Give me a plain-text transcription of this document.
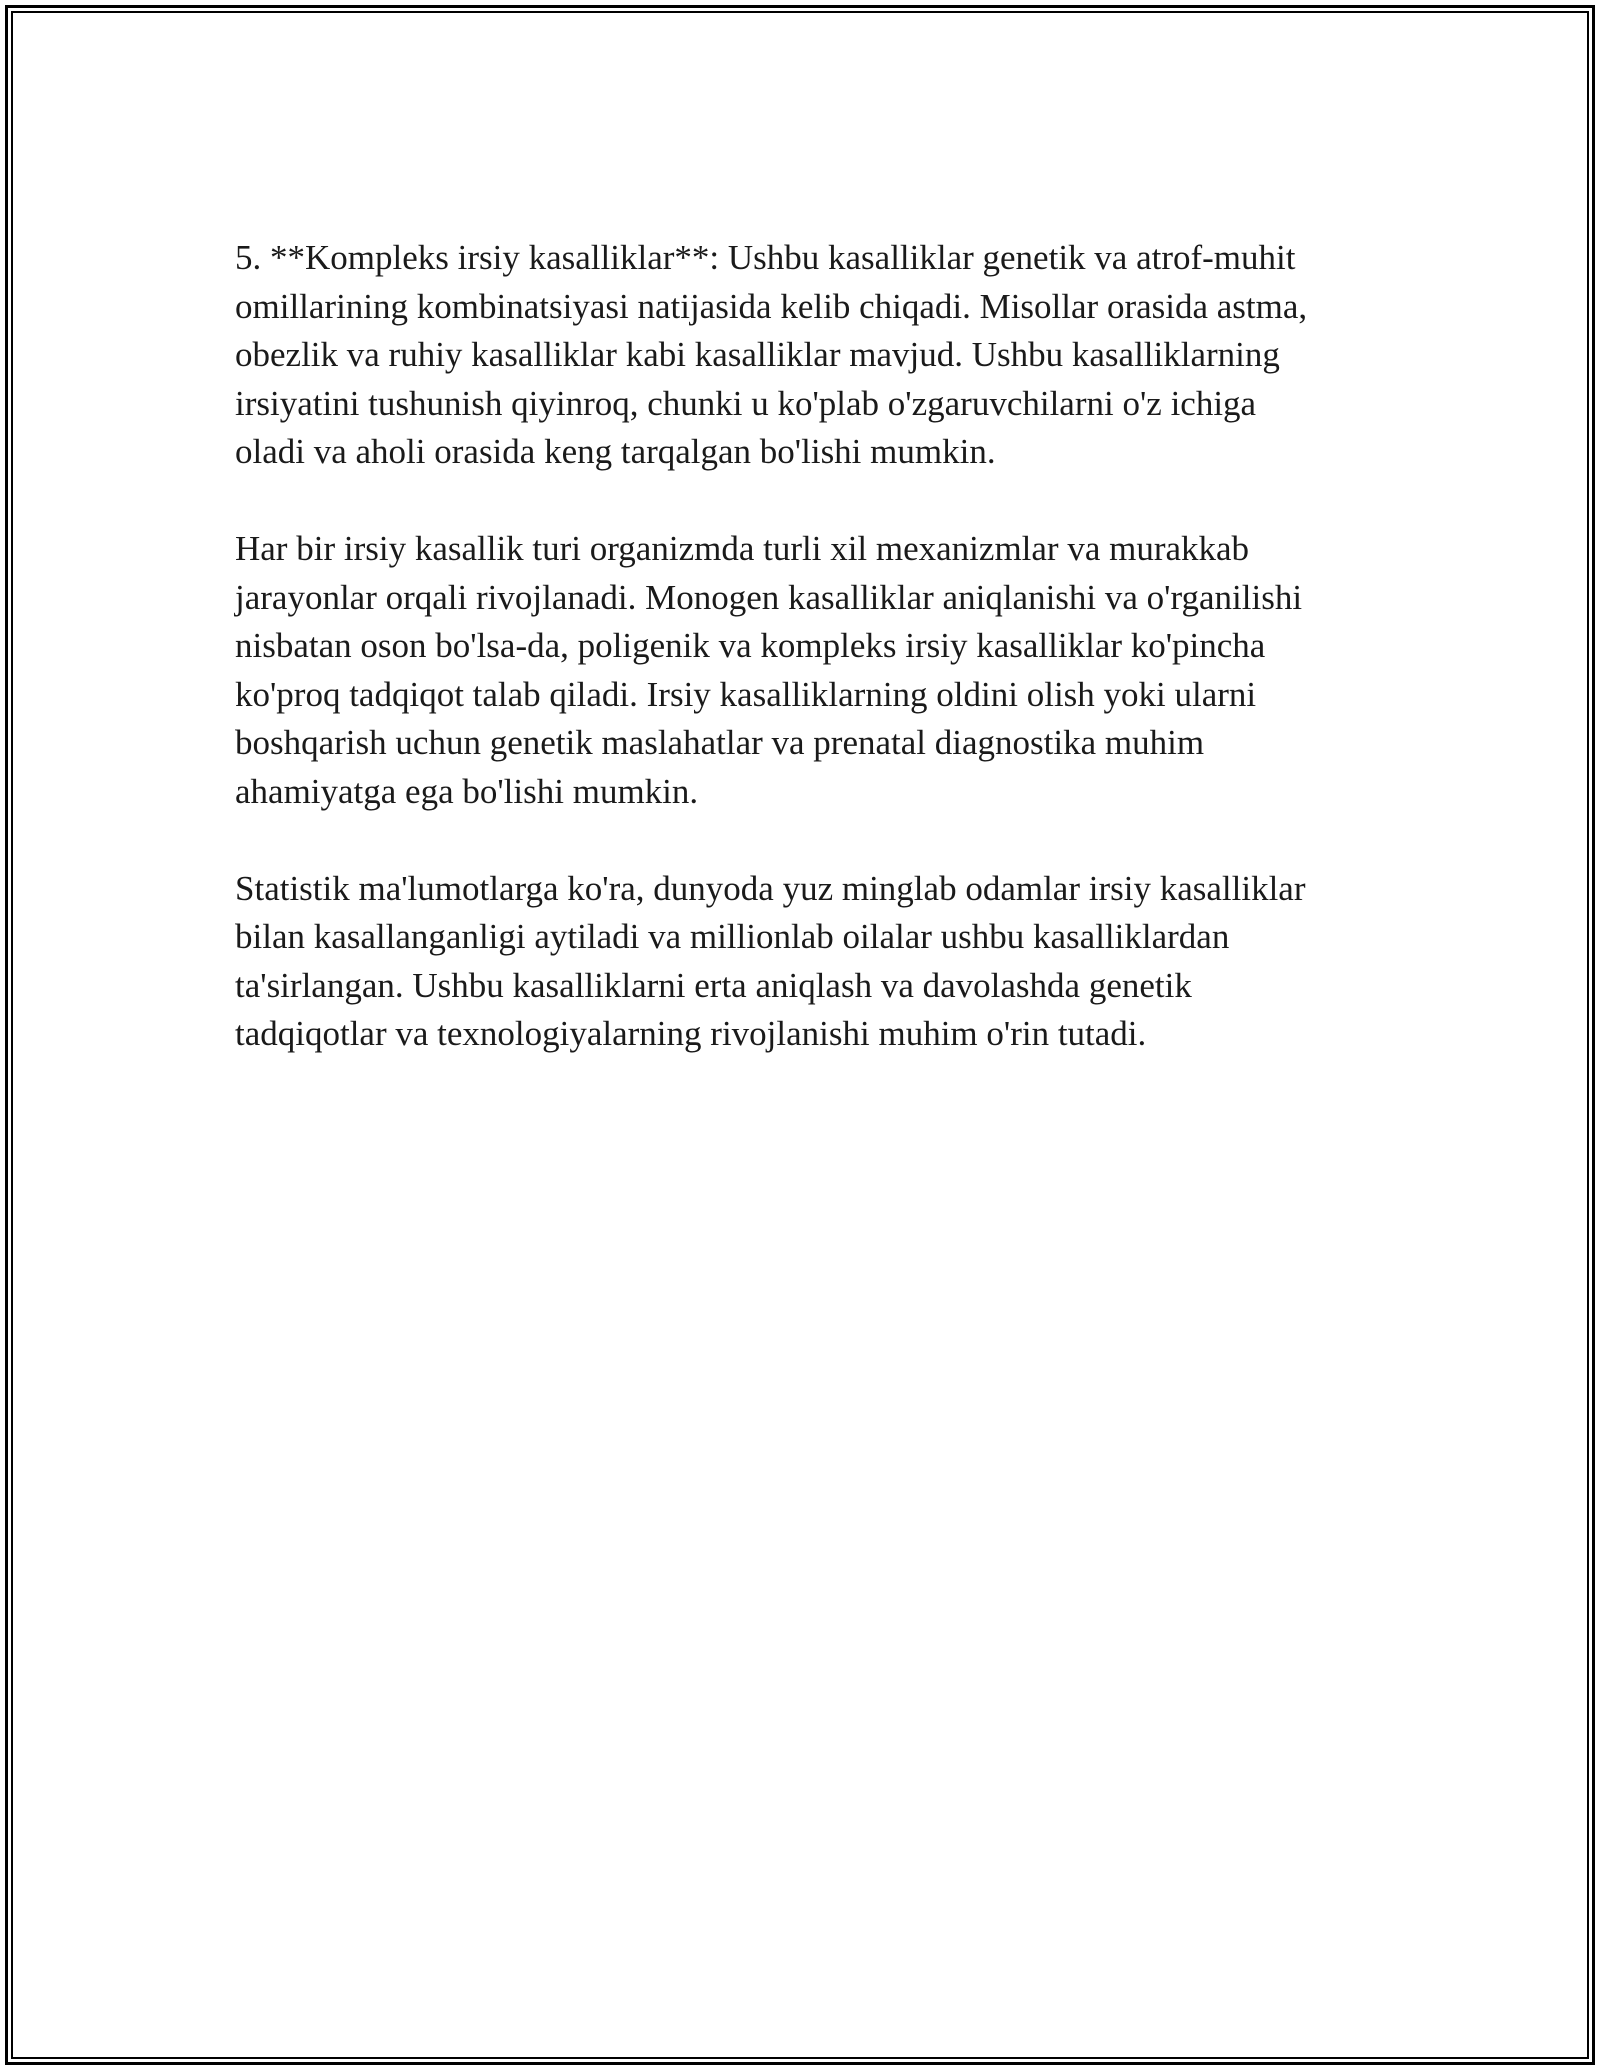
5. **Kompleks irsiy kasalliklar**: Ushbu kasalliklar genetik va atrof-muhit
omillarining kombinatsiyasi natijasida kelib chiqadi. Misollar orasida astma,
obezlik va ruhiy kasalliklar kabi kasalliklar mavjud. Ushbu kasalliklarning
irsiyatini tushunish qiyinroq, chunki u ko'plab o'zgaruvchilarni o'z ichiga
oladi va aholi orasida keng tarqalgan bo'lishi mumkin.

Har bir irsiy kasallik turi organizmda turli xil mexanizmlar va murakkab
jarayonlar orqali rivojlanadi. Monogen kasalliklar aniqlanishi va o'rganilishi
nisbatan oson bo'lsa-da, poligenik va kompleks irsiy kasalliklar ko'pincha
ko'proq tadqiqot talab qiladi. Irsiy kasalliklarning oldini olish yoki ularni
boshqarish uchun genetik maslahatlar va prenatal diagnostika muhim
ahamiyatga ega bo'lishi mumkin.

Statistik ma'lumotlarga ko'ra, dunyoda yuz minglab odamlar irsiy kasalliklar
bilan kasallanganligi aytiladi va millionlab oilalar ushbu kasalliklardan
ta'sirlangan. Ushbu kasalliklarni erta aniqlash va davolashda genetik
tadqiqotlar va texnologiyalarning rivojlanishi muhim o'rin tutadi.
